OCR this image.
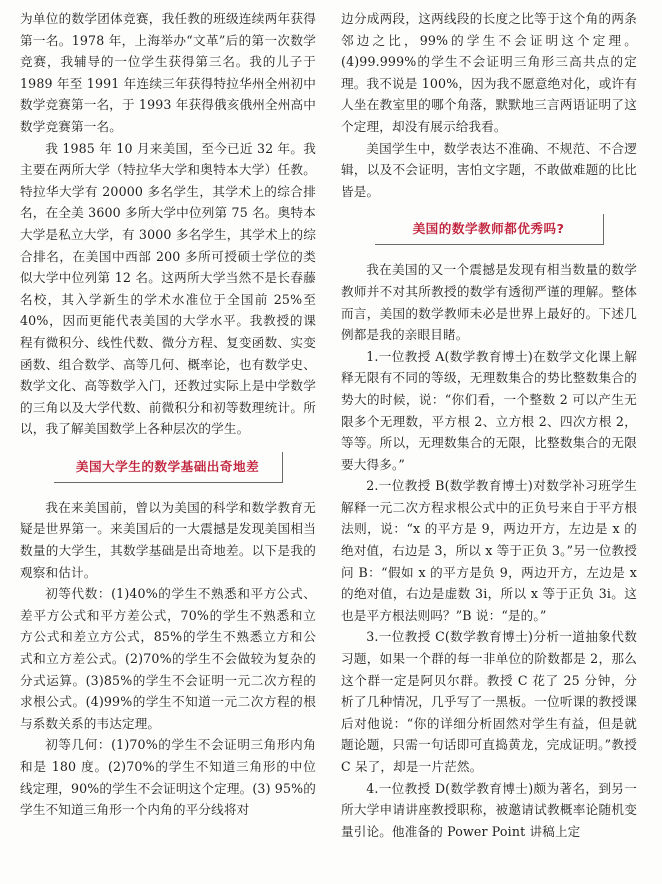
为单位的数学团体竞赛，我任教的班级连续两年获得第一名。1978 年，上海举办“文革”后的第一次数学竞赛，我辅导的一位学生获得第三名。我的儿子于1989 年至 1991 年连续三年获得特拉华州全州初中数学竞赛第一名，于 1993 年获得俄亥俄州全州高中数学竞赛第一名。

我 1985 年 10 月来美国，至今已近 32 年。我主要在两所大学（特拉华大学和奥特本大学）任教。特拉华大学有 20000 多名学生，其学术上的综合排名，在全美 3600 多所大学中位列第 75 名。奥特本大学是私立大学，有 3000 多名学生，其学术上的综合排名，在美国中西部 200 多所可授硕士学位的类似大学中位列第 12 名。这两所大学当然不是长春藤名校，其入学新生的学术水准位于全国前 25%至 40%，因而更能代表美国的大学水平。我教授的课程有微积分、线性代数、微分方程、复变函数、实变函数、组合数学、高等几何、概率论，也有数学史、数学文化、高等数学入门，还教过实际上是中学数学的三角以及大学代数、前微积分和初等数理统计。所以，我了解美国数学上各种层次的学生。

美国大学生的数学基础出奇地差

我在来美国前，曾以为美国的科学和数学教育无疑是世界第一。来美国后的一大震撼是发现美国相当数量的大学生，其数学基础是出奇地差。以下是我的观察和估计。

初等代数：(1)40%的学生不熟悉和平方公式、差平方公式和平方差公式，70%的学生不熟悉和立方公式和差立方公式，85%的学生不熟悉立方和公式和立方差公式。(2)70%的学生不会做较为复杂的分式运算。(3)85%的学生不会证明一元二次方程的求根公式。(4)99%的学生不知道一元二次方程的根与系数关系的韦达定理。

初等几何：(1)70%的学生不会证明三角形内角和是 180 度。(2)70%的学生不知道三角形的中位线定理，90%的学生不会证明这个定理。(3) 95%的学生不知道三角形一个内角的平分线将对

边分成两段，这两线段的长度之比等于这个角的两条邻边之比，99%的学生不会证明这个定理。(4)99.999%的学生不会证明三角形三高共点的定理。我不说是 100%，因为我不愿意绝对化，或许有人坐在教室里的哪个角落，默默地三言两语证明了这个定理，却没有展示给我看。

美国学生中，数学表达不准确、不规范、不合逻辑，以及不会证明，害怕文字题，不敢做难题的比比皆是。

美国的数学教师都优秀吗?

我在美国的又一个震撼是发现有相当数量的数学教师并不对其所教授的数学有透彻严谨的理解。整体而言，美国的数学教师未必是世界上最好的。下述几例都是我的亲眼目睹。

1.一位教授 A(数学教育博士)在数学文化课上解释无限有不同的等级，无理数集合的势比整数集合的势大的时候，说：“你们看，一个整数 2 可以产生无限多个无理数，平方根 2、立方根 2、四次方根 2，等等。所以，无理数集合的无限，比整数集合的无限要大得多。”

2.一位教授 B(数学教育博士)对数学补习班学生解释一元二次方程求根公式中的正负号来自于平方根法则，说：“x 的平方是 9，两边开方，左边是 x 的绝对值，右边是 3，所以 x 等于正负 3。”另一位教授问 B：“假如 x 的平方是负 9，两边开方，左边是 x 的绝对值，右边是虚数 3i，所以 x 等于正负 3i。这也是平方根法则吗？”B 说：“是的。”

3.一位教授 C(数学教育博士)分析一道抽象代数习题，如果一个群的每一非单位的阶数都是 2，那么这个群一定是阿贝尔群。教授 C 花了 25 分钟，分析了几种情况，几乎写了一黑板。一位听课的教授课后对他说：“你的详细分析固然对学生有益，但是就题论题，只需一句话即可直捣黄龙，完成证明。”教授 C 呆了，却是一片茫然。

4.一位教授 D(数学教育博士)颇为著名，到另一所大学申请讲座教授职称，被邀请试教概率论随机变量引论。他准备的 Power Point 讲稿上定
